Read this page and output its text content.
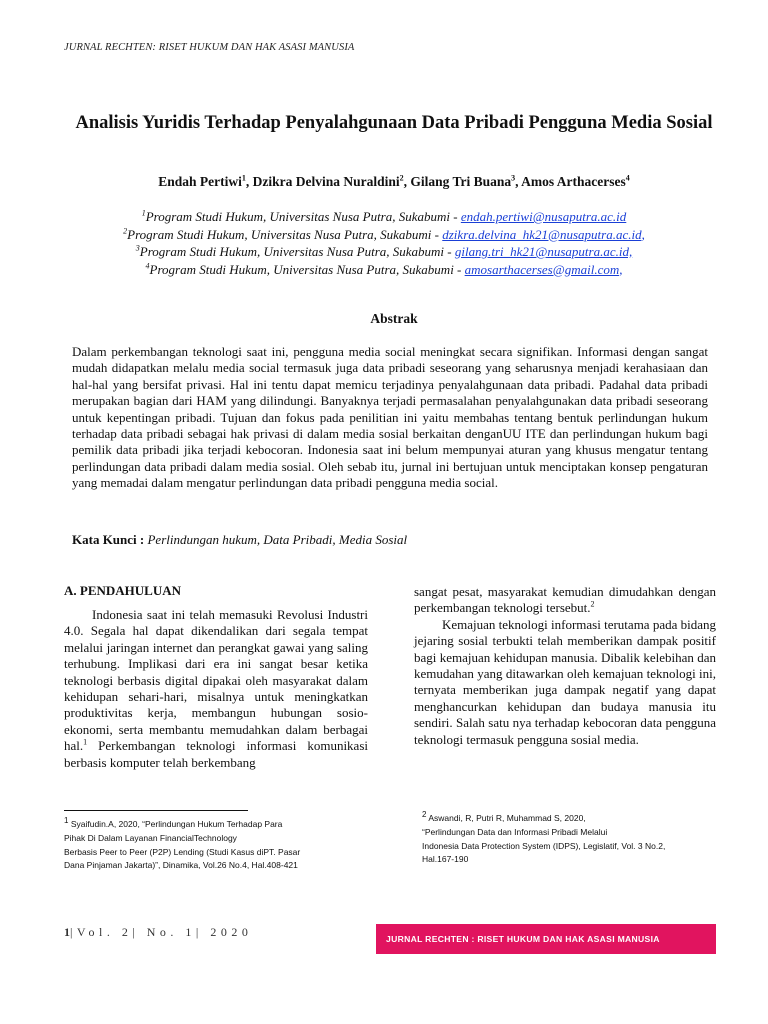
JURNAL RECHTEN: RISET HUKUM DAN HAK ASASI MANUSIA
Analisis Yuridis Terhadap Penyalahgunaan Data Pribadi Pengguna Media Sosial
Endah Pertiwi$^1$, Dzikra Delvina Nuraldini$^2$, Gilang Tri Buana$^3$, Amos Arthacerses$^4$
$^1$Program Studi Hukum, Universitas Nusa Putra, Sukabumi - endah.pertiwi@nusaputra.ac.id
$^2$Program Studi Hukum, Universitas Nusa Putra, Sukabumi - dzikra.delvina_hk21@nusaputra.ac.id,
$^3$Program Studi Hukum, Universitas Nusa Putra, Sukabumi - gilang.tri_hk21@nusaputra.ac.id,
$^4$Program Studi Hukum, Universitas Nusa Putra, Sukabumi - amosarthacerses@gmail.com,
Abstrak
Dalam perkembangan teknologi saat ini, pengguna media social meningkat secara signifikan. Informasi dengan sangat mudah didapatkan melalu media social termasuk juga data pribadi seseorang yang seharusnya menjadi kerahasiaan dan hal-hal yang bersifat privasi. Hal ini tentu dapat memicu terjadinya penyalahgunaan data pribadi. Padahal data pribadi merupakan bagian dari HAM yang dilindungi. Banyaknya terjadi permasalahan penyalahgunakan data pribadi seseorang untuk kepentingan pribadi. Tujuan dan fokus pada penilitian ini yaitu membahas tentang bentuk perlindungan hukum terhadap data pribadi sebagai hak privasi di dalam media sosial berkaitan denganUU ITE dan perlindungan hukum bagi pemilik data pribadi jika terjadi kebocoran. Indonesia saat ini belum mempunyai aturan yang khusus mengatur tentang perlindungan data pribadi dalam media sosial. Oleh sebab itu, jurnal ini bertujuan untuk menciptakan konsep pengaturan yang memadai dalam mengatur perlindungan data pribadi pengguna media social.
Kata Kunci : Perlindungan hukum, Data Pribadi, Media Sosial
A. PENDAHULUAN

Indonesia saat ini telah memasuki Revolusi Industri 4.0. Segala hal dapat dikendalikan dari segala tempat melalui jaringan internet dan perangkat gawai yang saling terhubung. Implikasi dari era ini sangat besar ketika teknologi berbasis digital dipakai oleh masyarakat dalam kehidupan sehari-hari, misalnya untuk meningkatkan produktivitas kerja, membangun hubungan sosio-ekonomi, serta membantu memudahkan dalam berbagai hal.$^1$ Perkembangan teknologi informasi komunikasi berbasis komputer telah berkembang

sangat pesat, masyarakat kemudian dimudahkan dengan perkembangan teknologi tersebut.$^2$

Kemajuan teknologi informasi terutama pada bidang jejaring sosial terbukti telah memberikan dampak positif bagi kemajuan kehidupan manusia. Dibalik kelebihan dan kemudahan yang ditawarkan oleh kemajuan teknologi ini, ternyata memberikan juga dampak negatif yang dapat menghancurkan kehidupan dan budaya manusia itu sendiri. Salah satu nya terhadap kebocoran data pengguna teknologi termasuk pengguna sosial media.

$^1$ Syaifudin.A, 2020, “Perlindungan Hukum Terhadap Para
Pihak Di Dalam Layanan FinancialTechnology
Berbasis Peer to Peer (P2P) Lending (Studi Kasus diPT. Pasar
Dana Pinjaman Jakarta)”, Dinamika, Vol.26 No.4, Hal.408-421
$^2$ Aswandi, R, Putri R, Muhammad S, 2020,
“Perlindungan Data dan Informasi Pribadi Melalui
Indonesia Data Protection System (IDPS), Legislatif, Vol. 3 No.2,
Hal.167-190
1|Vol. 2| No. 1| 2020	JURNAL RECHTEN : RISET HUKUM DAN HAK ASASI MANUSIA
